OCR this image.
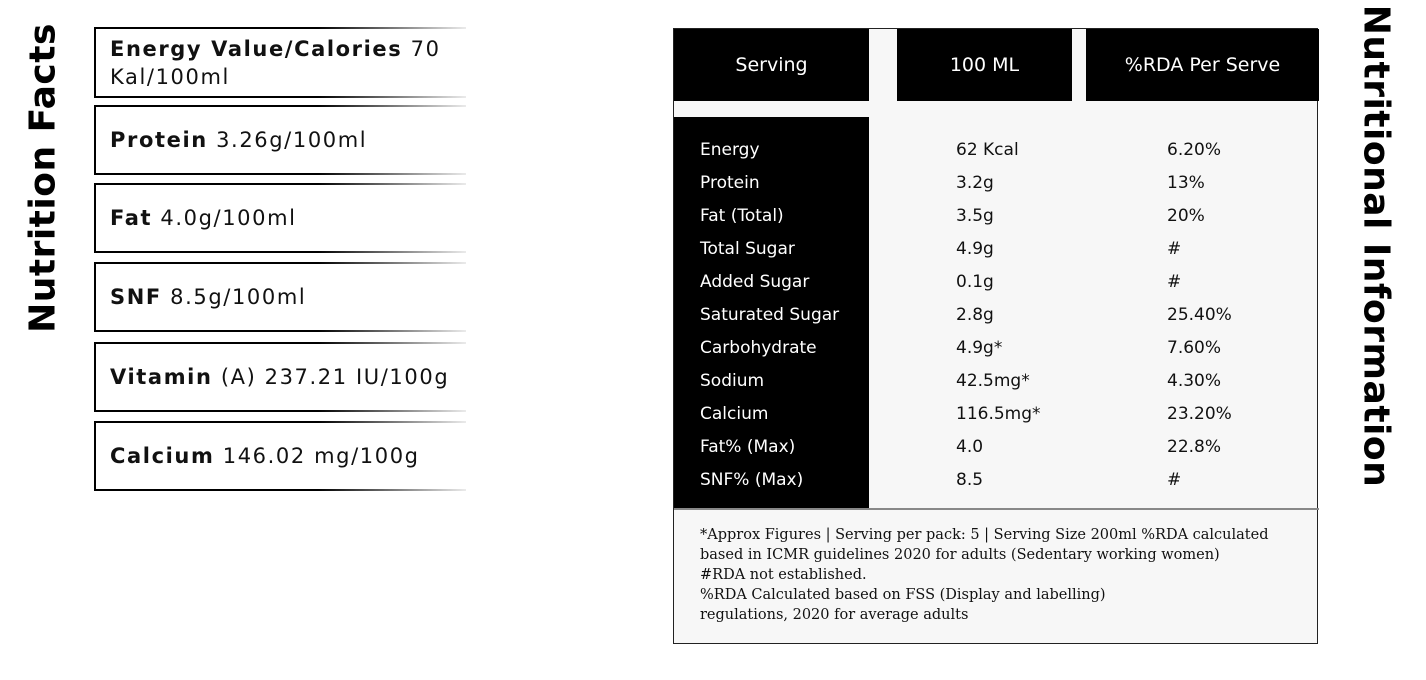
Nutrition Facts	Nutritional Information
Energy Value/Calories 70
Kal/100ml
Protein 3.26g/100ml
Fat 4.0g/100ml
SNF 8.5g/100ml
Vitamin (A) 237.21 IU/100g
Calcium 146.02 mg/100g
Serving	100 ML	%RDA Per Serve
Energy	62 Kcal	6.20%
Protein	3.2g	13%
Fat (Total)	3.5g	20%
Total Sugar	4.9g	#
Added Sugar	0.1g	#
Saturated Sugar	2.8g	25.40%
Carbohydrate	4.9g*	7.60%
Sodium	42.5mg*	4.30%
Calcium	116.5mg*	23.20%
Fat% (Max)	4.0	22.8%
SNF% (Max)	8.5	#
*Approx Figures | Serving per pack: 5 | Serving Size 200ml %RDA calculated
based in ICMR guidelines 2020 for adults (Sedentary working women)
#RDA not established.
%RDA Calculated based on FSS (Display and labelling)
regulations, 2020 for average adults
